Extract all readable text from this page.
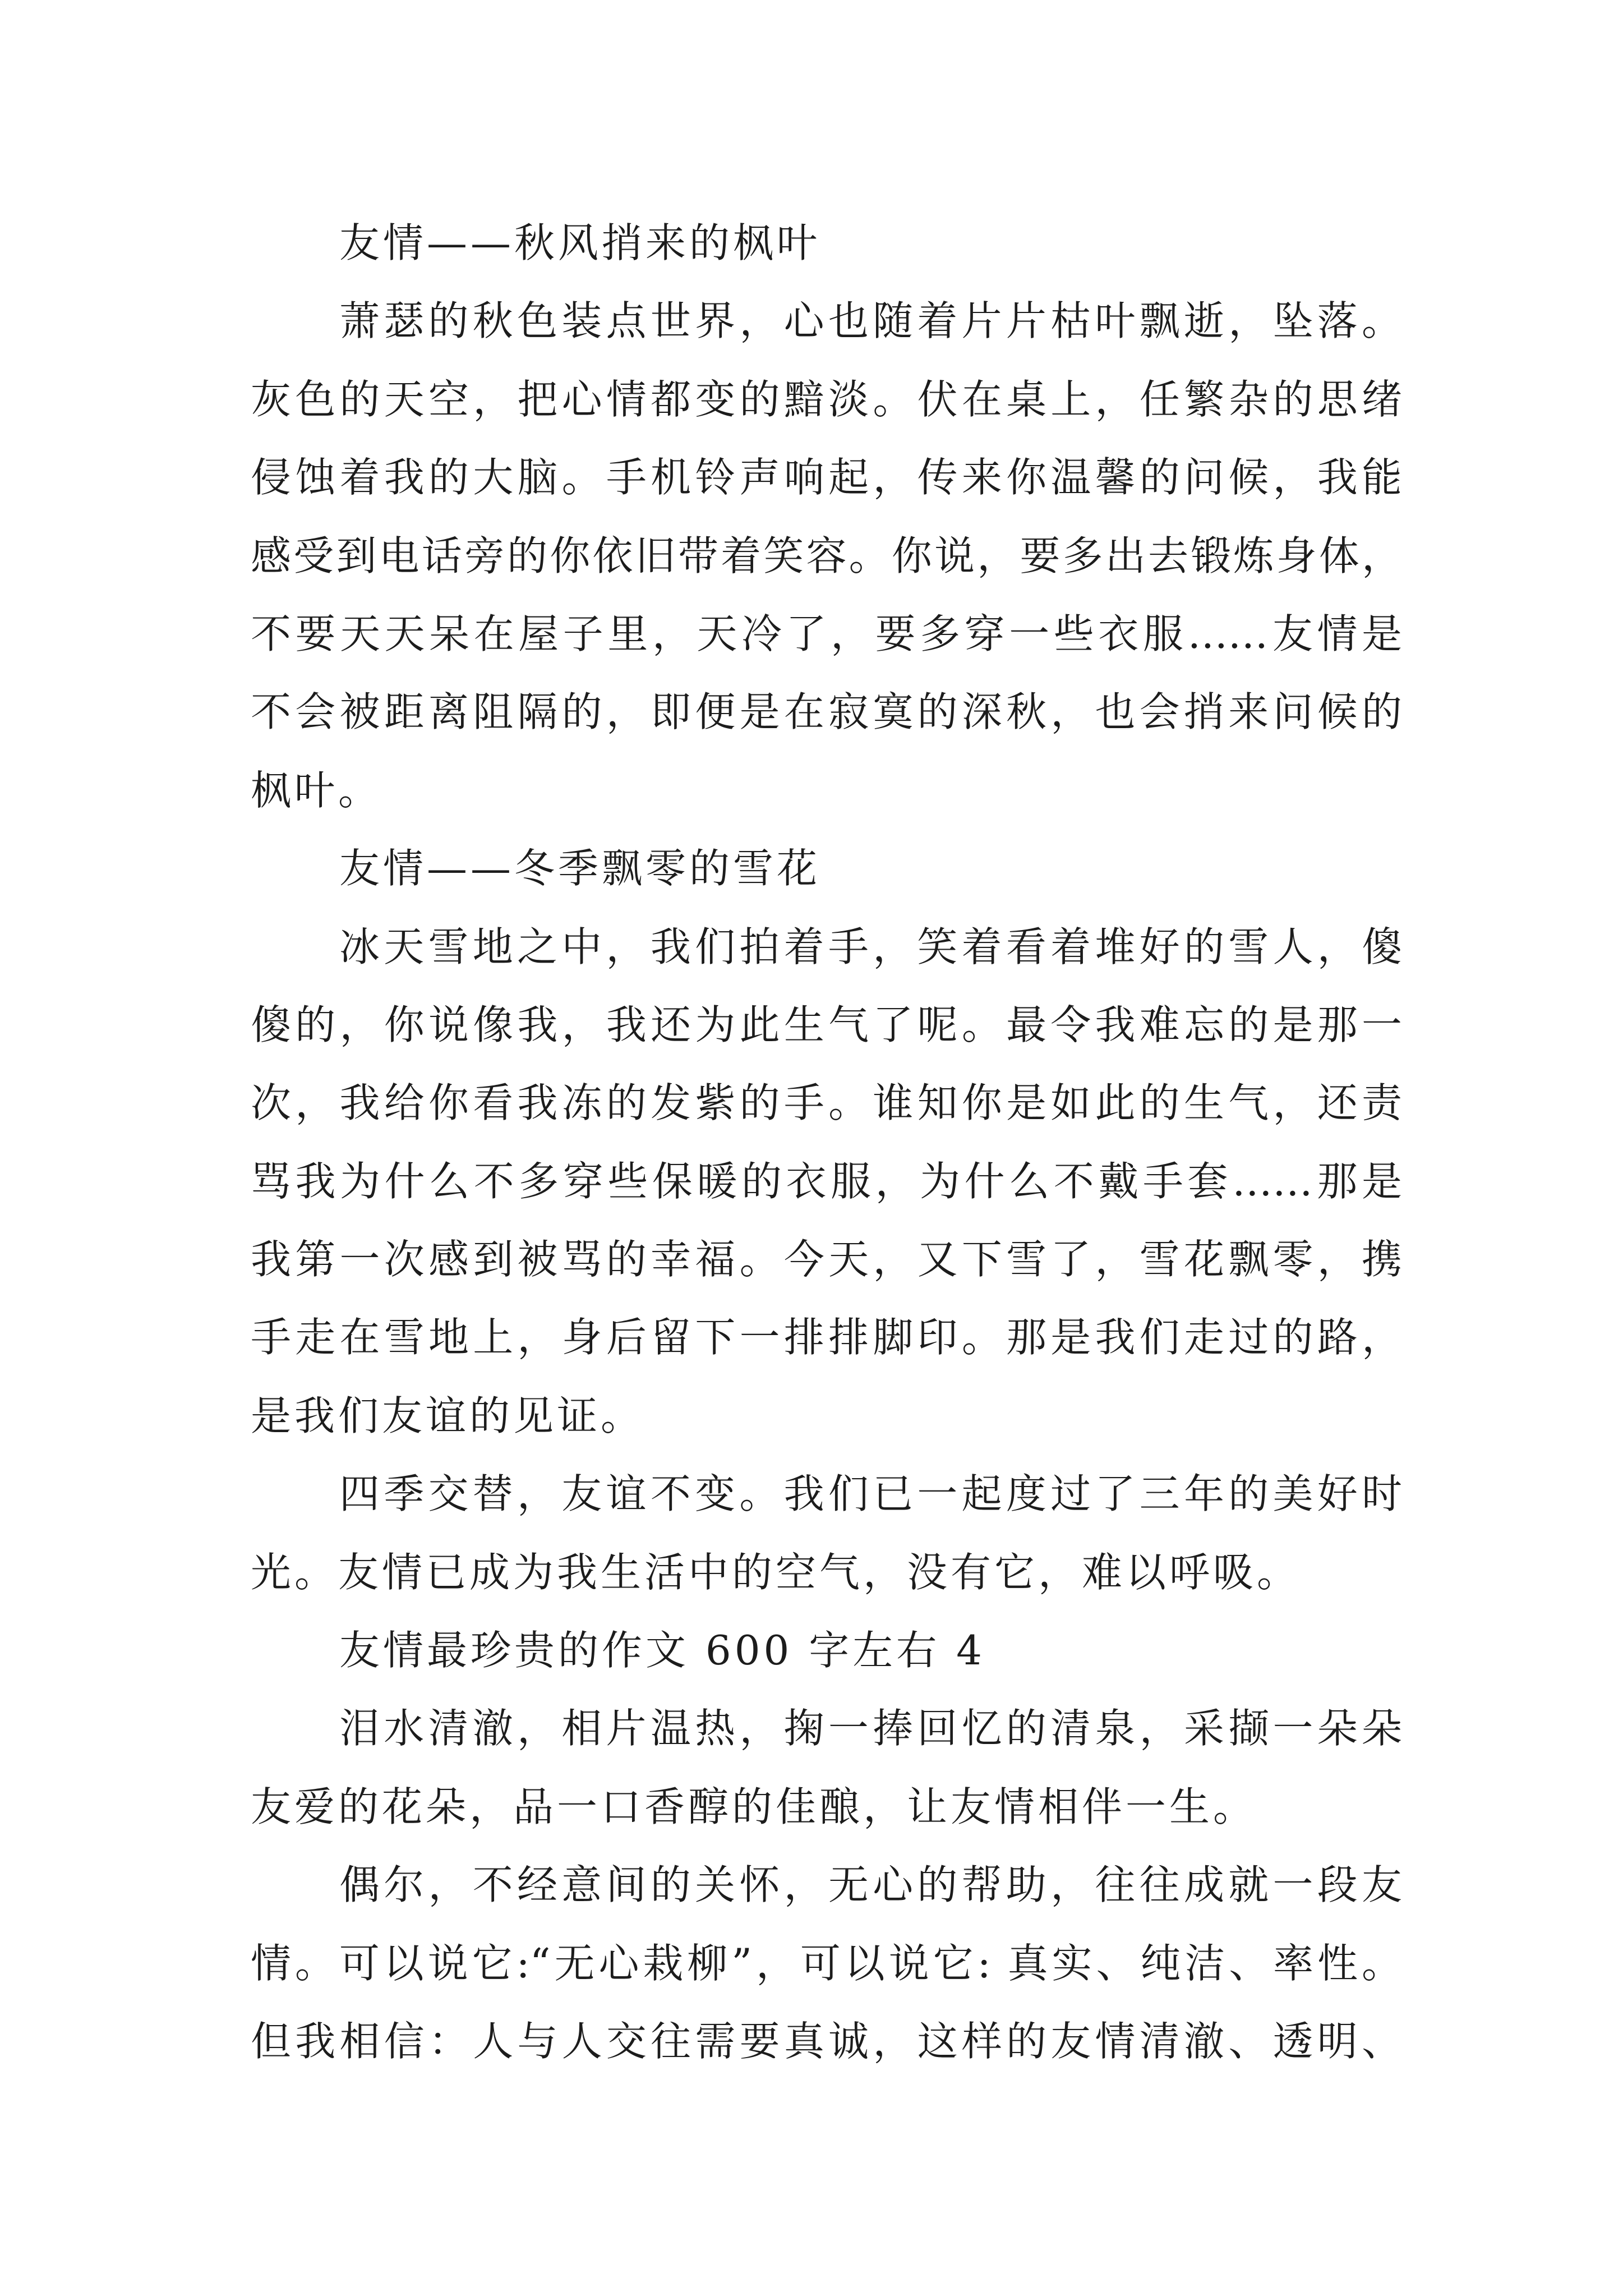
友情——秋风捎来的枫叶
萧瑟的秋色装点世界，心也随着片片枯叶飘逝，坠落。
灰色的天空，把心情都变的黯淡。伏在桌上，任繁杂的思绪
侵蚀着我的大脑。手机铃声响起，传来你温馨的问候，我能
感受到电话旁的你依旧带着笑容。你说，要多出去锻炼身体，
不要天天呆在屋子里，天冷了，要多穿一些衣服……友情是
不会被距离阻隔的，即便是在寂寞的深秋，也会捎来问候的
枫叶。
友情——冬季飘零的雪花
冰天雪地之中，我们拍着手，笑着看着堆好的雪人，傻
傻的，你说像我，我还为此生气了呢。最令我难忘的是那一
次，我给你看我冻的发紫的手。谁知你是如此的生气，还责
骂我为什么不多穿些保暖的衣服，为什么不戴手套……那是
我第一次感到被骂的幸福。今天，又下雪了，雪花飘零，携
手走在雪地上，身后留下一排排脚印。那是我们走过的路，
是我们友谊的见证。
四季交替，友谊不变。我们已一起度过了三年的美好时
光。友情已成为我生活中的空气，没有它，难以呼吸。
友情最珍贵的作文 600 字左右 4
泪水清澈，相片温热，掬一捧回忆的清泉，采撷一朵朵
友爱的花朵，品一口香醇的佳酿，让友情相伴一生。
偶尔，不经意间的关怀，无心的帮助，往往成就一段友
情。可以说它:“无心栽柳”，可以说它: 真实、纯洁、率性。
但我相信：人与人交往需要真诚，这样的友情清澈、透明、
